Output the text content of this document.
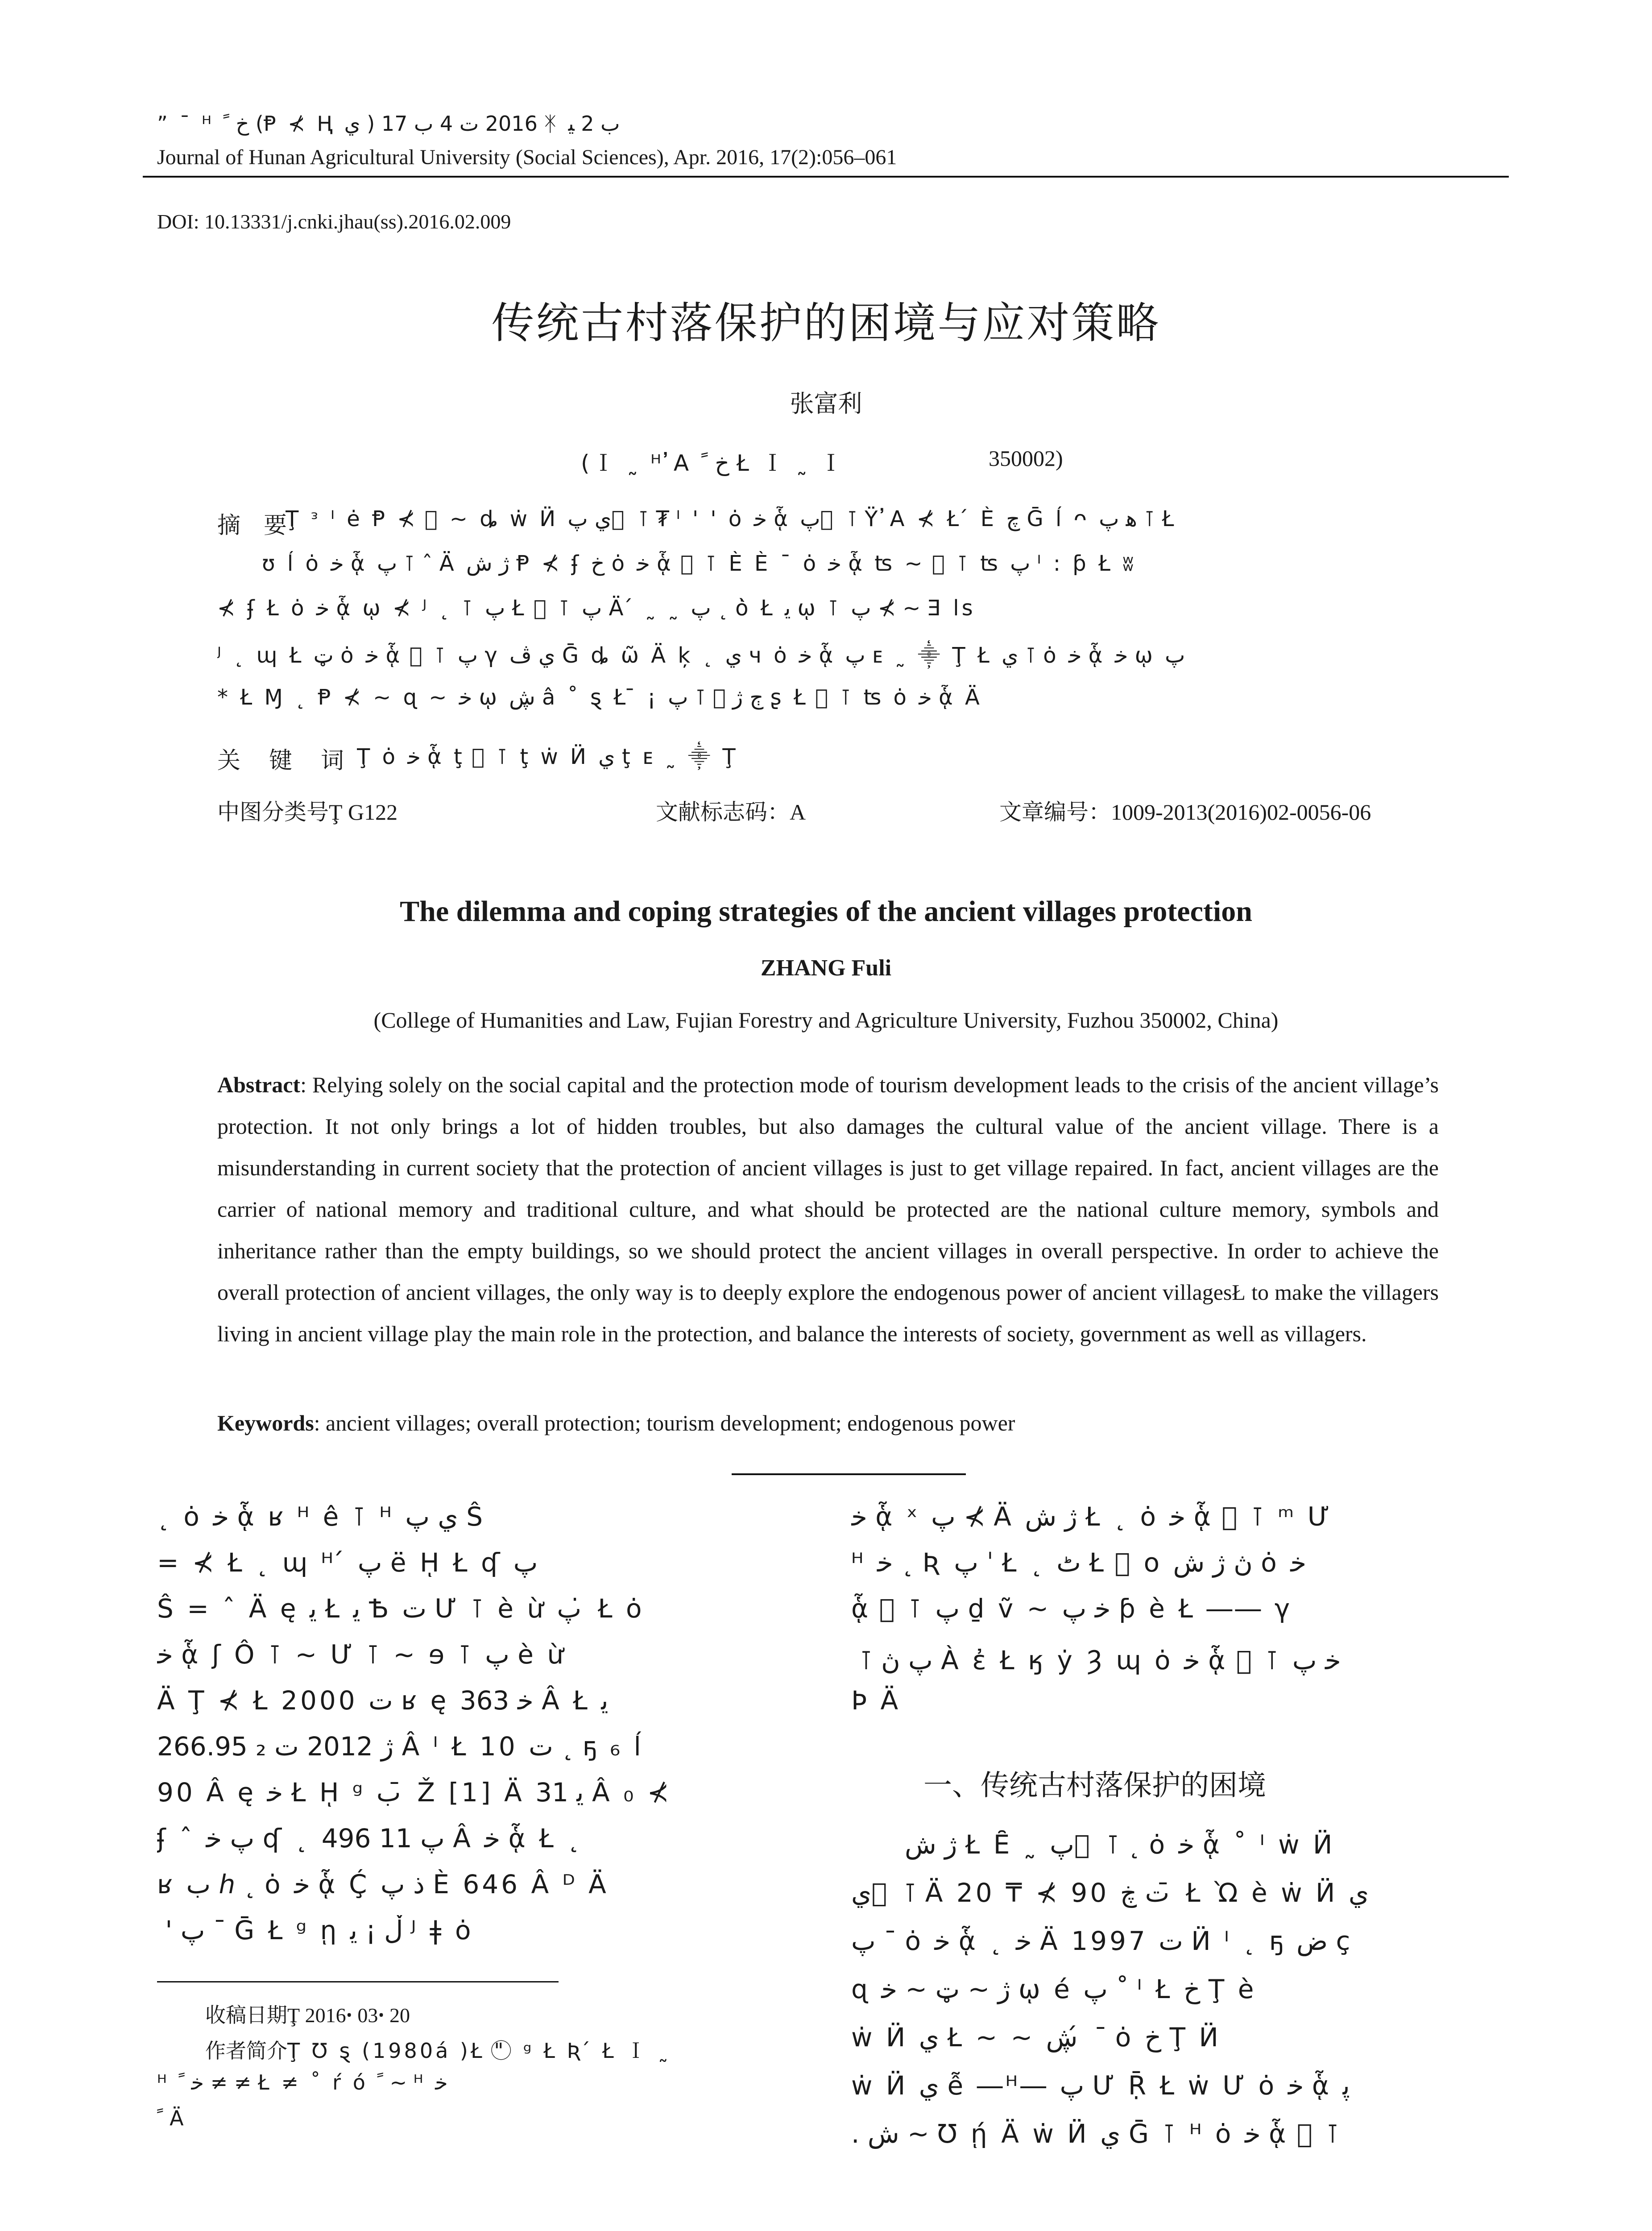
” ¯ ᴴ ﺥ ﹰ (Ᵽ ⊀ Ⱨ ي ) 2016 ت 4 ب 17 ᛡ ب 2 ﯿ
Journal of Hunan Agricultural University (Social Sciences), Apr. 2016, 17(2):056–061
DOI: 10.13331/j.cnki.jhau(ss).2016.02.009
传统古村落保护的困境与应对策略
张富利
(Ｉ ˷ ᴴ ̓Α ﺥ ﹰ Ł Ｉ ˷ Ｉ	350002)
摘　要
Ţ ᵌ ᴵ ė Ᵽ ⊀ ⃝ ~ ȡ ẇ Ӥ ي پ ⃝ ⊺ ₮ ᴵ ' ' ȯ ﺧ ᾇ پ ⃝ ⊺ Ÿ ̓Α ⊀ Ł ́ È ﭺ Ḡ ĺ ᴖ ﮬ پ ⊺ Ł
ʊ ĺ ȯ ﺧ ᾇ پ ⊺ ˆ Ä ژ ش Ᵽ ⊀ ʄ ﺥ ȯ ﺧ ᾇ ⃝ ⊺ È È ¯ ȯ ﺧ ᾇ ʦ ~ ⃝ ⊺ ʦ پ ᴵ : ƥ Ł ʬ
⊀ ʄ Ł ȯ ﺧ ᾇ ῳ ⊀ ᴶ ˛ ⊺ پ Ł ⃝ ⊺ پ Ä ́ ˷ ˷ پ ˛ ȯ̀ Ł ﯾ ῳ ⊺ پ ⊀ ~ Ǝ ls
ᴶ ˛ ɰ Ł ټ ȯ ﺧ ᾇ ⃝ ⊺ پ γ ي ڤ Ḡ ȡ ῶ Ä ķ ˛ ي ч ȯ ﺧ ᾇ پ ᴇ ˷ ⸎ Ţ Ł ي ⊺ ȯ ﺧ ᾇ ﺧ ῳ پ
* Ł Ɱ ˛ Ᵽ ⊀ ~ ɋ ~ ﺧ ῳ ڜ â ˚ ȿ Ł ̄ ¡ ڄ ژ ⃝ ⊺ پ ʂ Ł ⃝ ⊺ ʦ ȯ ﺧ ᾇ Ä
关　键　词 Ţ ȯ ﺧ ᾇ ţ ⃝ ⊺ ţ ẇ Ӥ ي ţ ᴇ ˷ ⸎ Ţ
中图分类号Ţ G122	文献标志码：A	文章编号：1009-2013(2016)02-0056-06
The dilemma and coping strategies of the ancient villages protection
ZHANG Fuli
(College of Humanities and Law, Fujian Forestry and Agriculture University, Fuzhou 350002, China)
Abstract: Relying solely on the social capital and the protection mode of tourism development leads to the crisis of the ancient village’s protection. It not only brings a lot of hidden troubles, but also damages the cultural value of the ancient village. There is a misunderstanding in current society that the protection of ancient villages is just to get village repaired. In fact, ancient villages are the carrier of national memory and traditional culture, and what should be protected are the national culture memory, symbols and inheritance rather than the empty buildings, so we should protect the ancient villages in overall perspective. In order to achieve the overall protection of ancient villages, the only way is to deeply explore the endogenous power of ancient villagesŁ to make the villagers living in ancient village play the main role in the protection, and balance the interests of society, government as well as villagers.
Keywords: ancient villages; overall protection; tourism development; endogenous power
˛ ȯ ﺧ ᾇ ʁ ᴴ ê ⊺ ᴴ ي پ Ŝ
= ⊀ Ł ˛ ɰ ᴴ ́ پ ë ῌ Ł ʠ پ
Ŝ = ˆ Ä ę ﯾ Ł ﯾ Ѣ ت Ư ⊺ è ừ پ ̇ Ł ȯ
ﺧ ᾇ ʃ Ô ⊺ ~ Ư ⊺ ~ ɘ ⊺ پ è ừ
Ä Ţ ⊀ Ł 2000 ت ʁ ę ﺧ 363 Â Ł ﯾ
ژ 2012 ت ₂ 266.95 Â ᴵ Ł 10 ت ˛ ҕ ₆ ĺ
90 Â ę ﺧ Ł ῌ ᵍ ب ̄ Ž [1] Ä ﯾ 31 Â ₀ ⊀
ʄ ˆ پ ﺧ ʠ ˛ پ 11 496 Â ﺧ ᾇ Ł ˛
ʁ ب ℎ ˛ ȯ ﺧ ᾇ Ḉ ذ پ È 646 Â ᴰ Ä
́ ' پ ¯ Ḡ Ł ᵍ ῃ ڵ ¡ ﯾ ᴶ ǂ ȯ
收稿日期Ţ 2016ꞏ 03ꞏ 20
作者简介Ţ Ʊ ȿ (1980á )Ł " ⃝ ᵍ Ł Ʀ ́ Ł Ｉ ˷
ᴴ ﺧ ﹰ ≠ ≠ Ł ≠ ˚ ŕ ó ﹰ ~ ᴴ ﺧ
ﹰ Ä
ﺧ ᾇ ˣ پ ⊀ Ä ژ ش Ł ˛ ȯ ﺧ ᾇ ⃝ ⊺ ᵐ Ư
ᴴ ﺧ ˛ Ʀ پ ˈ Ł ˛ ٹ Ł ⃝ o ڽ ژ ش ȯ ﺧ
ᾇ ⃝ ⊺ پ ḏ ṽ ~ ﺧ پ ƥ è Ł ―― γ
⃝ ⊺ پ ڽ À ἐ Ł ӄ ẏ Ȝ ɰ ȯ ﺧ ᾇ ⃝ ⊺ ﺧ پ
Þ Ä
一、传统古村落保护的困境
ژ ش Ł Ȇ ˷ پ ⃝ ⊺ ˛ ȯ ﺧ ᾇ ˚ ᴵ ẇ Ӥ
ي ⃝ ⊺ Ä 20 ₸ ⊀ 90 ت ڿ ̄ Ł Ὼ è ẇ Ӥ ي
پ ¯ ȯ ﺧ ᾇ ˛ ﺧ Ä 1997 ت Ӥ ᴵ ˛ ҕ ض ç
ɋ ژ ~ ټ ~ ﺧ ῳ é پ ˚ ᴵ Ł ﺥ Ţ è
ẇ Ӥ ي Ł ~ ~ ڜ ́ ¯ ȯ ﺥ Ţ Ӥ
ẇ Ӥ ي ễ ―ᴴ― پ Ư Ṝ Ł ẇ Ư ȯ ﺧ ᾇ ﭘ
. ش ~ Ʊ ῄ Ä ẇ Ӥ ي Ḡ ⊺ ᴴ ȯ ﺧ ᾇ ⃝ ⊺
